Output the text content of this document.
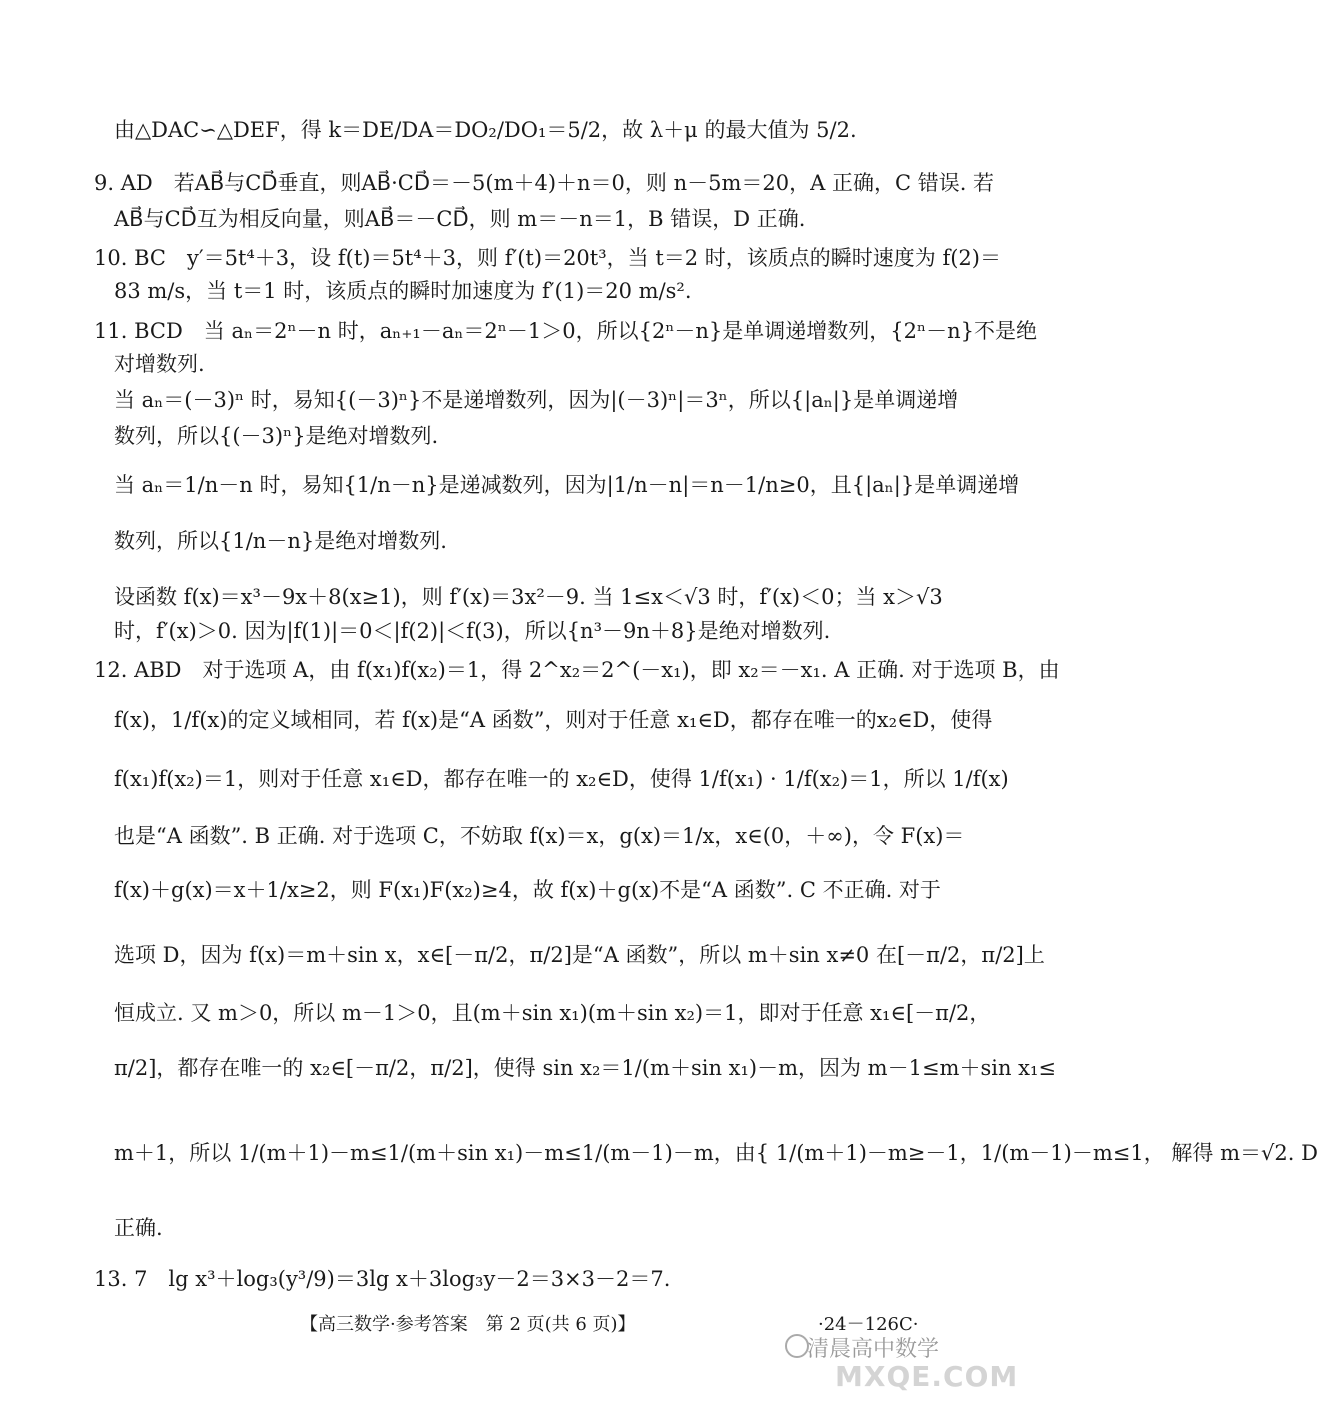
由△DAC∽△DEF，得 k＝DE/DA＝DO₂/DO₁＝5/2，故 λ＋μ 的最大值为 5/2.
9. AD　若AB⃗与CD⃗垂直，则AB⃗·CD⃗＝－5(m＋4)＋n＝0，则 n－5m＝20，A 正确，C 错误. 若
AB⃗与CD⃗互为相反向量，则AB⃗＝－CD⃗，则 m＝－n＝1，B 错误，D 正确.
10. BC　y′＝5t⁴＋3，设 f(t)＝5t⁴＋3，则 f′(t)＝20t³，当 t＝2 时，该质点的瞬时速度为 f(2)＝
83 m/s，当 t＝1 时，该质点的瞬时加速度为 f′(1)＝20 m/s².
11. BCD　当 aₙ＝2ⁿ－n 时，aₙ₊₁－aₙ＝2ⁿ－1＞0，所以{2ⁿ－n}是单调递增数列，{2ⁿ－n}不是绝
对增数列.
当 aₙ＝(－3)ⁿ 时，易知{(－3)ⁿ}不是递增数列，因为|(－3)ⁿ|＝3ⁿ，所以{|aₙ|}是单调递增
数列，所以{(－3)ⁿ}是绝对增数列.
当 aₙ＝1/n－n 时，易知{1/n－n}是递减数列，因为|1/n－n|＝n－1/n≥0，且{|aₙ|}是单调递增
数列，所以{1/n－n}是绝对增数列.
设函数 f(x)＝x³－9x＋8(x≥1)，则 f′(x)＝3x²－9. 当 1≤x＜√3 时，f′(x)＜0；当 x＞√3
时，f′(x)＞0. 因为|f(1)|＝0＜|f(2)|＜f(3)，所以{n³－9n＋8}是绝对增数列.
12. ABD　对于选项 A，由 f(x₁)f(x₂)＝1，得 2^x₂＝2^(－x₁)，即 x₂＝－x₁. A 正确. 对于选项 B，由
f(x)，1/f(x)的定义域相同，若 f(x)是“A 函数”，则对于任意 x₁∈D，都存在唯一的x₂∈D，使得
f(x₁)f(x₂)＝1，则对于任意 x₁∈D，都存在唯一的 x₂∈D，使得 1/f(x₁) · 1/f(x₂)＝1，所以 1/f(x)
也是“A 函数”. B 正确. 对于选项 C，不妨取 f(x)＝x，g(x)＝1/x，x∈(0，＋∞)，令 F(x)＝
f(x)＋g(x)＝x＋1/x≥2，则 F(x₁)F(x₂)≥4，故 f(x)＋g(x)不是“A 函数”. C 不正确. 对于
选项 D，因为 f(x)＝m＋sin x，x∈[－π/2，π/2]是“A 函数”，所以 m＋sin x≠0 在[－π/2，π/2]上
恒成立. 又 m＞0，所以 m－1＞0，且(m＋sin x₁)(m＋sin x₂)＝1，即对于任意 x₁∈[－π/2，
π/2]，都存在唯一的 x₂∈[－π/2，π/2]，使得 sin x₂＝1/(m＋sin x₁)－m，因为 m－1≤m＋sin x₁≤
m＋1，所以 1/(m＋1)－m≤1/(m＋sin x₁)－m≤1/(m－1)－m，由{ 1/(m＋1)－m≥－1，1/(m－1)－m≤1， 解得 m＝√2. D
正确.
13. 7　lg x³＋log₃(y³/9)＝3lg x＋3log₃y－2＝3×3－2＝7.
【高三数学·参考答案　第 2 页(共 6 页)】	·24－126C·
清晨高中数学
MXQE.COM
